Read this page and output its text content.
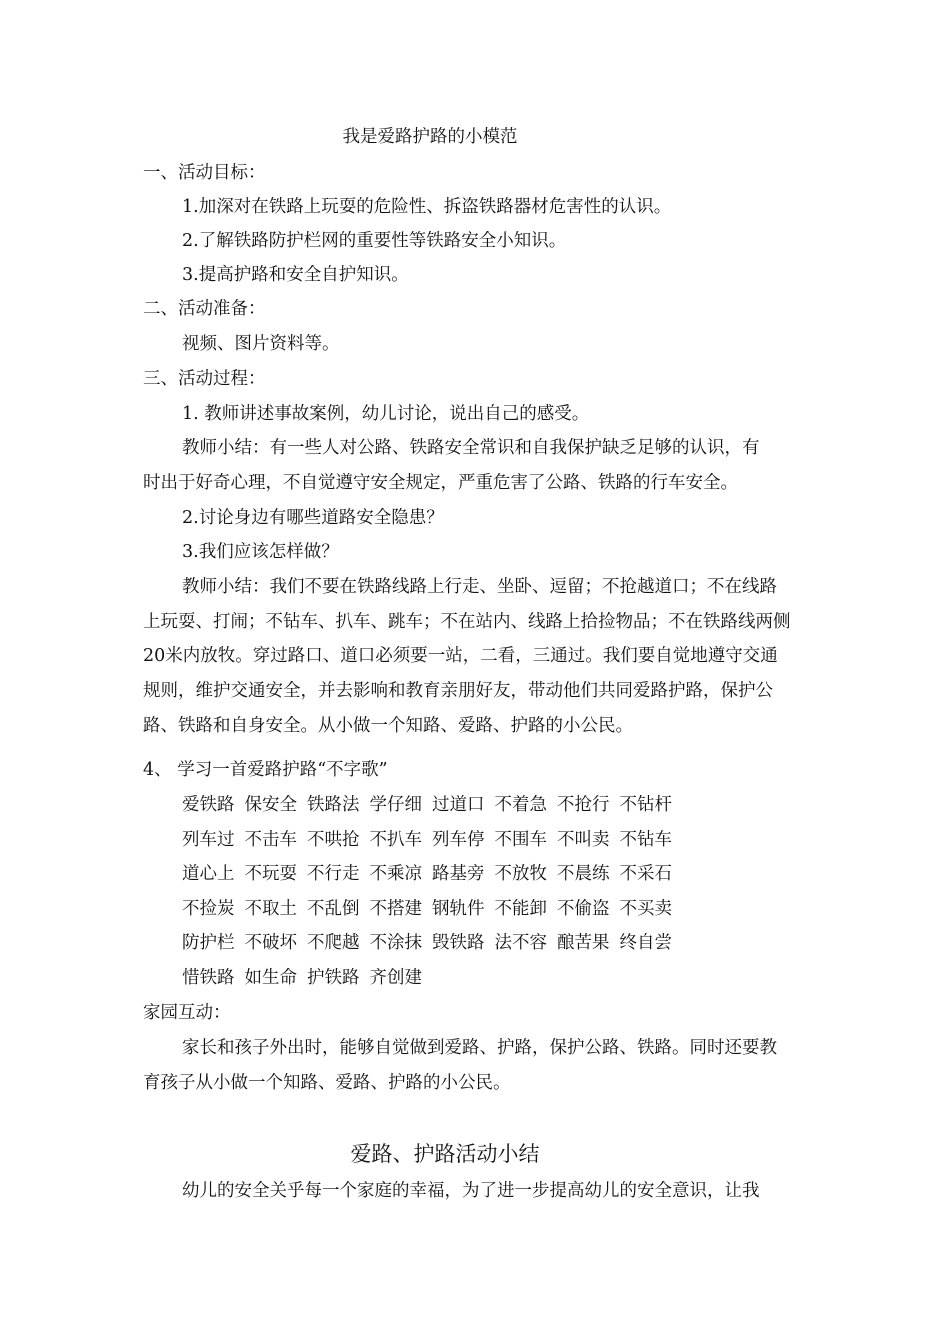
我是爱路护路的小模范
一、活动目标：
1.加深对在铁路上玩耍的危险性、拆盗铁路器材危害性的认识。
2.了解铁路防护栏网的重要性等铁路安全小知识。
3.提高护路和安全自护知识。
二、活动准备：
视频、图片资料等。
三、活动过程：
1. 教师讲述事故案例，幼儿讨论，说出自己的感受。
教师小结：有一些人对公路、铁路安全常识和自我保护缺乏足够的认识，有
时出于好奇心理，不自觉遵守安全规定，严重危害了公路、铁路的行车安全。
2.讨论身边有哪些道路安全隐患？
3.我们应该怎样做？
教师小结：我们不要在铁路线路上行走、坐卧、逗留；不抢越道口；不在线路
上玩耍、打闹；不钻车、扒车、跳车；不在站内、线路上拾捡物品；不在铁路线两侧
20米内放牧。穿过路口、道口必须要一站，二看，三通过。我们要自觉地遵守交通
规则，维护交通安全，并去影响和教育亲朋好友，带动他们共同爱路护路，保护公
路、铁路和自身安全。从小做一个知路、爱路、护路的小公民。
4、 学习一首爱路护路“不字歌”
爱铁路 保安全 铁路法 学仔细 过道口 不着急 不抢行 不钻杆
列车过 不击车 不哄抢 不扒车 列车停 不围车 不叫卖 不钻车
道心上 不玩耍 不行走 不乘凉 路基旁 不放牧 不晨练 不采石
不捡炭 不取土 不乱倒 不搭建 钢轨件 不能卸 不偷盗 不买卖
防护栏 不破坏 不爬越 不涂抹 毁铁路 法不容 酿苦果 终自尝
惜铁路 如生命 护铁路 齐创建
家园互动：
家长和孩子外出时，能够自觉做到爱路、护路，保护公路、铁路。同时还要教
育孩子从小做一个知路、爱路、护路的小公民。
爱路、护路活动小结
幼儿的安全关乎每一个家庭的幸福，为了进一步提高幼儿的安全意识，让我
